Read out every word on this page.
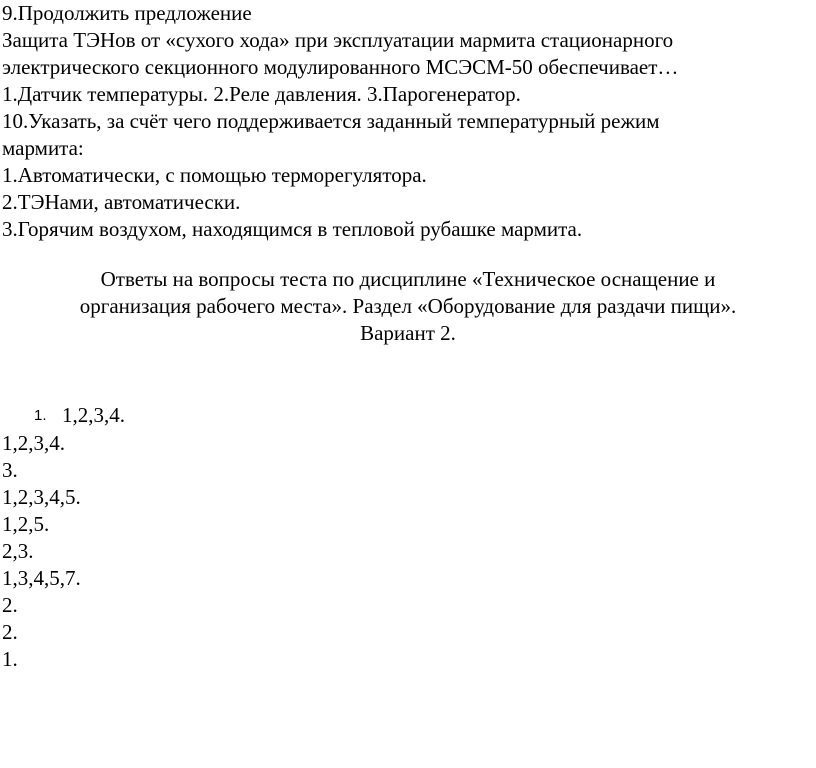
9.Продолжить предложение
Защита ТЭНов от «сухого хода» при эксплуатации мармита стационарного
электрического секционного модулированного МСЭСМ-50 обеспечивает…
1.Датчик температуры. 2.Реле давления. 3.Парогенератор.
10.Указать, за счёт чего поддерживается заданный температурный режим
мармита:
1.Автоматически, с помощью терморегулятора.
2.ТЭНами, автоматически.
3.Горячим воздухом, находящимся в тепловой рубашке мармита.
Ответы на вопросы теста по дисциплине «Техническое оснащение и
организация рабочего места». Раздел «Оборудование для раздачи пищи».
Вариант 2.
1. 1,2,3,4.
1,2,3,4.
3.
1,2,3,4,5.
1,2,5.
2,3.
1,3,4,5,7.
2.
2.
1.
